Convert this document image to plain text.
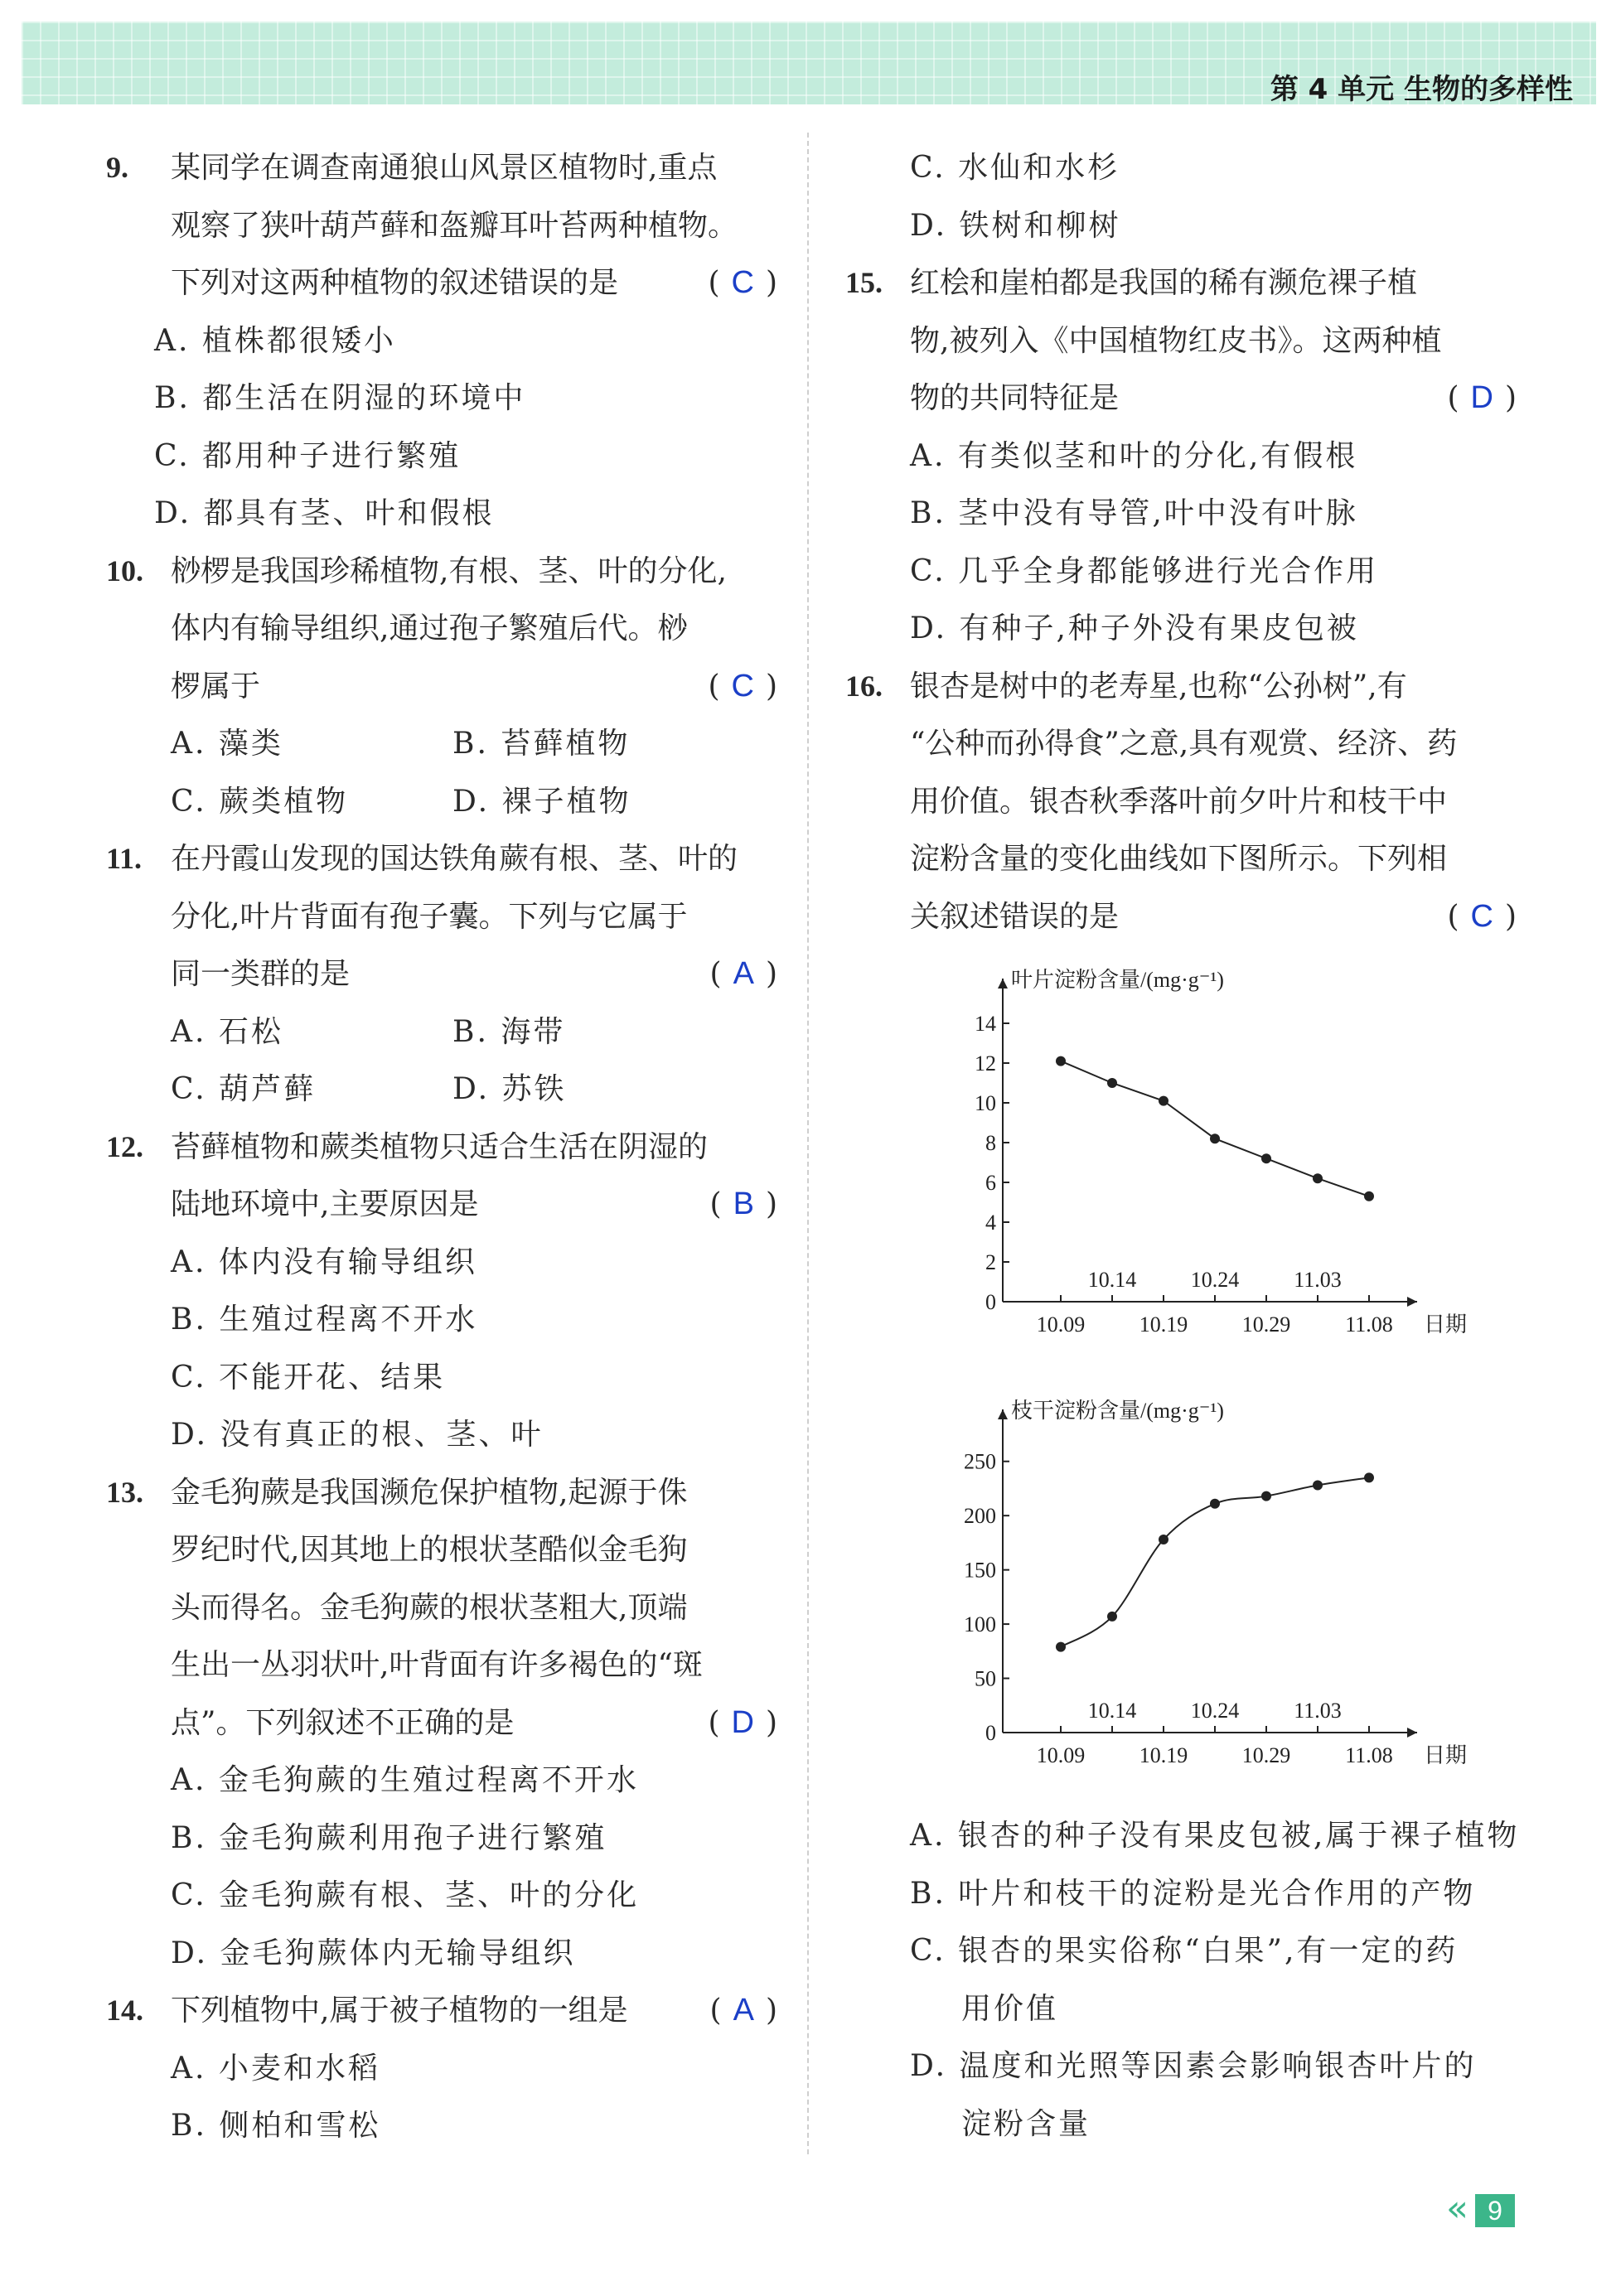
第 4 单元 生物的多样性
9. 某同学在调查南通狼山风景区植物时,重点
观察了狭叶葫芦藓和盔瓣耳叶苔两种植物。
下列对这两种植物的叙述错误的是	( C )
A. 植株都很矮小
B. 都生活在阴湿的环境中
C. 都用种子进行繁殖
D. 都具有茎、叶和假根
10. 桫椤是我国珍稀植物,有根、茎、叶的分化,
体内有输导组织,通过孢子繁殖后代。桫
椤属于	( C )
A. 藻类	B. 苔藓植物
C. 蕨类植物	D. 裸子植物
11. 在丹霞山发现的国达铁角蕨有根、茎、叶的
分化,叶片背面有孢子囊。下列与它属于
同一类群的是	( A )
A. 石松	B. 海带
C. 葫芦藓	D. 苏铁
12. 苔藓植物和蕨类植物只适合生活在阴湿的
陆地环境中,主要原因是	( B )
A. 体内没有输导组织
B. 生殖过程离不开水
C. 不能开花、结果
D. 没有真正的根、茎、叶
13. 金毛狗蕨是我国濒危保护植物,起源于侏
罗纪时代,因其地上的根状茎酷似金毛狗
头而得名。金毛狗蕨的根状茎粗大,顶端
生出一丛羽状叶,叶背面有许多褐色的“斑
点”。下列叙述不正确的是	( D )
A. 金毛狗蕨的生殖过程离不开水
B. 金毛狗蕨利用孢子进行繁殖
C. 金毛狗蕨有根、茎、叶的分化
D. 金毛狗蕨体内无输导组织
14. 下列植物中,属于被子植物的一组是	( A )
A. 小麦和水稻
B. 侧柏和雪松
C. 水仙和水杉
D. 铁树和柳树
15. 红桧和崖柏都是我国的稀有濒危裸子植
物,被列入《中国植物红皮书》。这两种植
物的共同特征是	( D )
A. 有类似茎和叶的分化,有假根
B. 茎中没有导管,叶中没有叶脉
C. 几乎全身都能够进行光合作用
D. 有种子,种子外没有果皮包被
16. 银杏是树中的老寿星,也称“公孙树”,有
“公种而孙得食”之意,具有观赏、经济、药
用价值。银杏秋季落叶前夕叶片和枝干中
淀粉含量的变化曲线如下图所示。下列相
关叙述错误的是	( C )
0
2
4
6
8
10
12
14
10.09	10.19	10.29	11.08
10.14	10.24	11.03
日期
叶片淀粉含量/(mg·g⁻¹)
0
50
100
150
200
250
10.09	10.19	10.29	11.08
10.14	10.24	11.03
日期
枝干淀粉含量/(mg·g⁻¹)
A. 银杏的种子没有果皮包被,属于裸子植物
B. 叶片和枝干的淀粉是光合作用的产物
C. 银杏的果实俗称“白果”,有一定的药
用价值
D. 温度和光照等因素会影响银杏叶片的
淀粉含量
« 9
